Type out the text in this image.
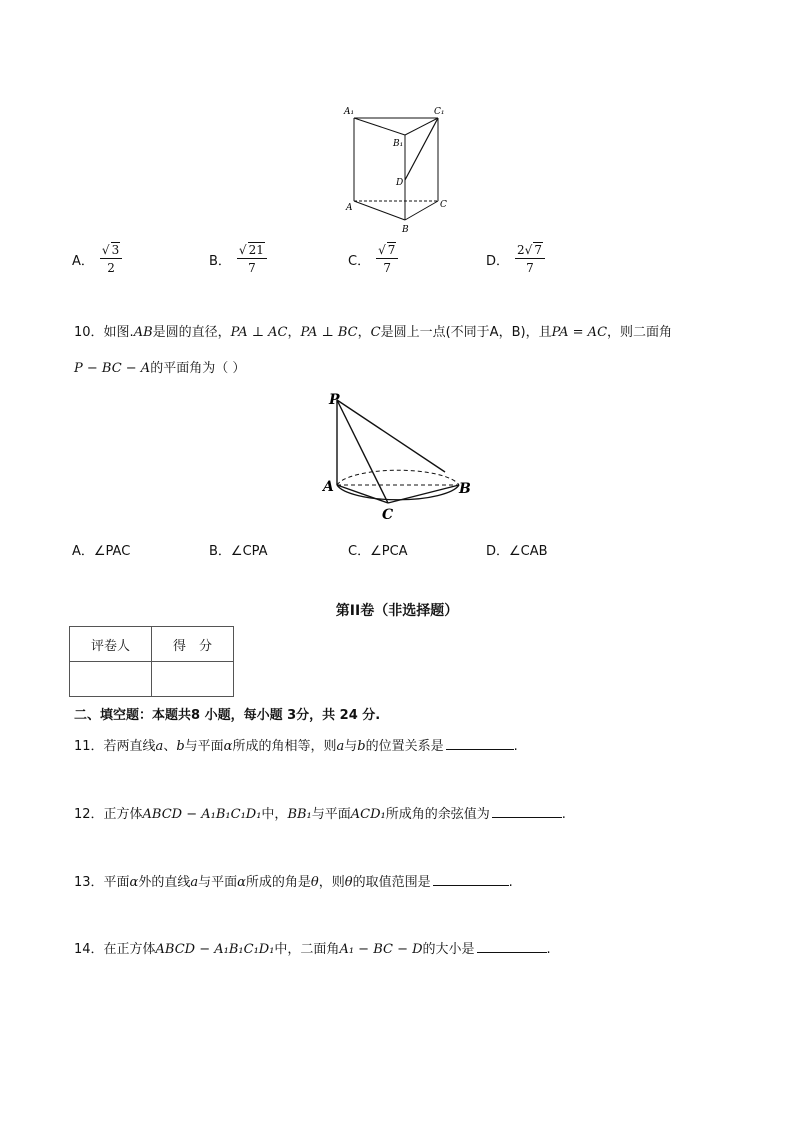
A₁	C₁
B₁
D
A	C
B
A． $\frac{√ 3}{2}$	B． $\frac{√ 21}{7}$	C． $\frac{√ 7}{7}$	D． $\frac{2√ 7}{7}$
10．如图.AB是圆的直径，PA ⊥ AC，PA ⊥ BC，C是圆上一点(不同于A，B)，且PA = AC，则二面角
P − BC − A的平面角为（ ）
P
A	B
C
A．∠PAC	B．∠CPA	C．∠PCA	D．∠CAB
第II卷（非选择题）
评卷人	得　分

二、填空题：本题共8 小题，每小题 3分，共 24 分.
11．若两直线a、b与平面α所成的角相等，则a与b的位置关系是	.
12．正方体ABCD − A₁B₁C₁D₁中，BB₁与平面ACD₁所成角的余弦值为	.
13．平面α外的直线a与平面α所成的角是θ，则θ的取值范围是	.
14．在正方体ABCD − A₁B₁C₁D₁中，二面角A₁ − BC − D的大小是	.
